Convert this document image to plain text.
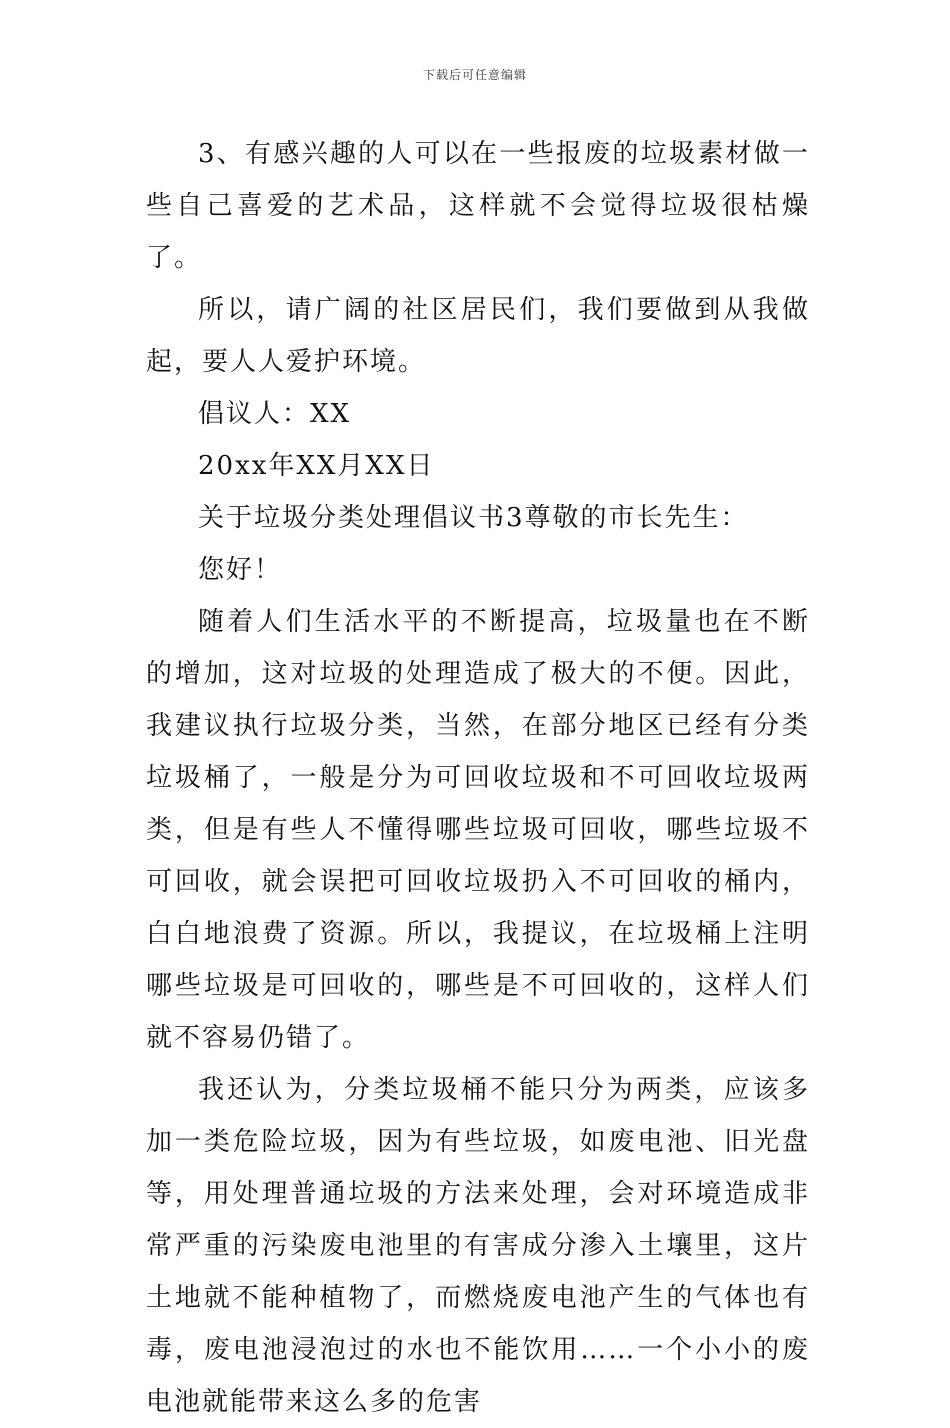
下载后可任意编辑

3、有感兴趣的人可以在一些报废的垃圾素材做一些自己喜爱的艺术品，这样就不会觉得垃圾很枯燥了。

所以，请广阔的社区居民们，我们要做到从我做起，要人人爱护环境。

倡议人：XX

20xx年XX月XX日

关于垃圾分类处理倡议书3尊敬的市长先生：

您好！

随着人们生活水平的不断提高，垃圾量也在不断的增加，这对垃圾的处理造成了极大的不便。因此，我建议执行垃圾分类，当然，在部分地区已经有分类垃圾桶了，一般是分为可回收垃圾和不可回收垃圾两类，但是有些人不懂得哪些垃圾可回收，哪些垃圾不可回收，就会误把可回收垃圾扔入不可回收的桶内，白白地浪费了资源。所以，我提议，在垃圾桶上注明哪些垃圾是可回收的，哪些是不可回收的，这样人们就不容易仍错了。

我还认为，分类垃圾桶不能只分为两类，应该多加一类危险垃圾，因为有些垃圾，如废电池、旧光盘等，用处理普通垃圾的方法来处理，会对环境造成非常严重的污染废电池里的有害成分渗入土壤里，这片土地就不能种植物了，而燃烧废电池产生的气体也有毒，废电池浸泡过的水也不能饮用……一个小小的废电池就能带来这么多的危害
